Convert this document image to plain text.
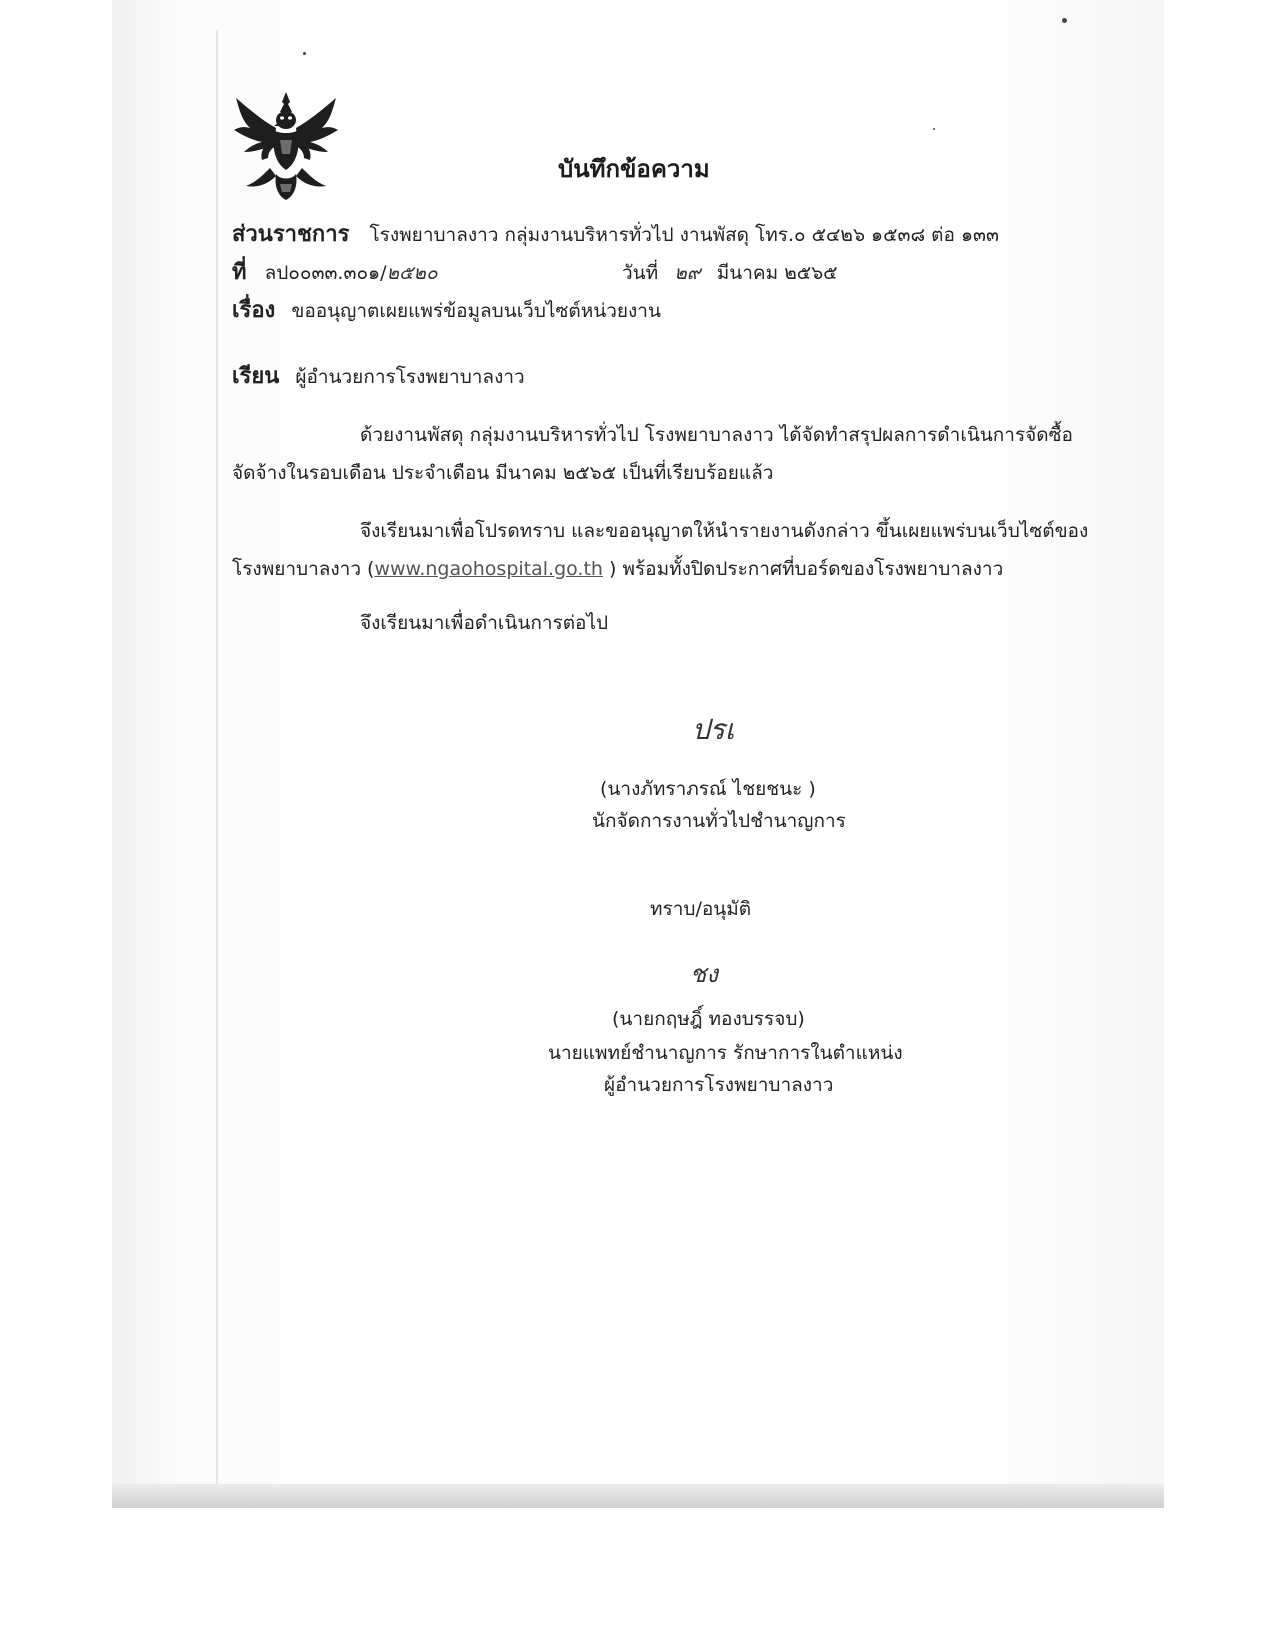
บันทึกข้อความ
ส่วนราชการ โรงพยาบาลงาว กลุ่มงานบริหารทั่วไป งานพัสดุ โทร.๐ ๕๔๒๖ ๑๕๓๘ ต่อ ๑๓๓
ที่ ลป๐๐๓๓.๓๐๑/๒๕๒๐	วันที่ ๒๙ มีนาคม ๒๕๖๕
เรื่อง ขออนุญาตเผยแพร่ข้อมูลบนเว็บไซต์หน่วยงาน
เรียน ผู้อำนวยการโรงพยาบาลงาว
ด้วยงานพัสดุ กลุ่มงานบริหารทั่วไป โรงพยาบาลงาว ได้จัดทำสรุปผลการดำเนินการจัดซื้อ
จัดจ้างในรอบเดือน ประจำเดือน มีนาคม ๒๕๖๕ เป็นที่เรียบร้อยแล้ว
จึงเรียนมาเพื่อโปรดทราบ และขออนุญาตให้นำรายงานดังกล่าว ขึ้นเผยแพร่บนเว็บไซต์ของ
โรงพยาบาลงาว (www.ngaohospital.go.th ) พร้อมทั้งปิดประกาศที่บอร์ดของโรงพยาบาลงาว
จึงเรียนมาเพื่อดำเนินการต่อไป
ปรเ
(นางภัทราภรณ์ ไชยชนะ )
นักจัดการงานทั่วไปชำนาญการ
ทราบ/อนุมัติ
ชง
(นายกฤษฎิ์ ทองบรรจบ)
นายแพทย์ชำนาญการ รักษาการในตำแหน่ง
ผู้อำนวยการโรงพยาบาลงาว
